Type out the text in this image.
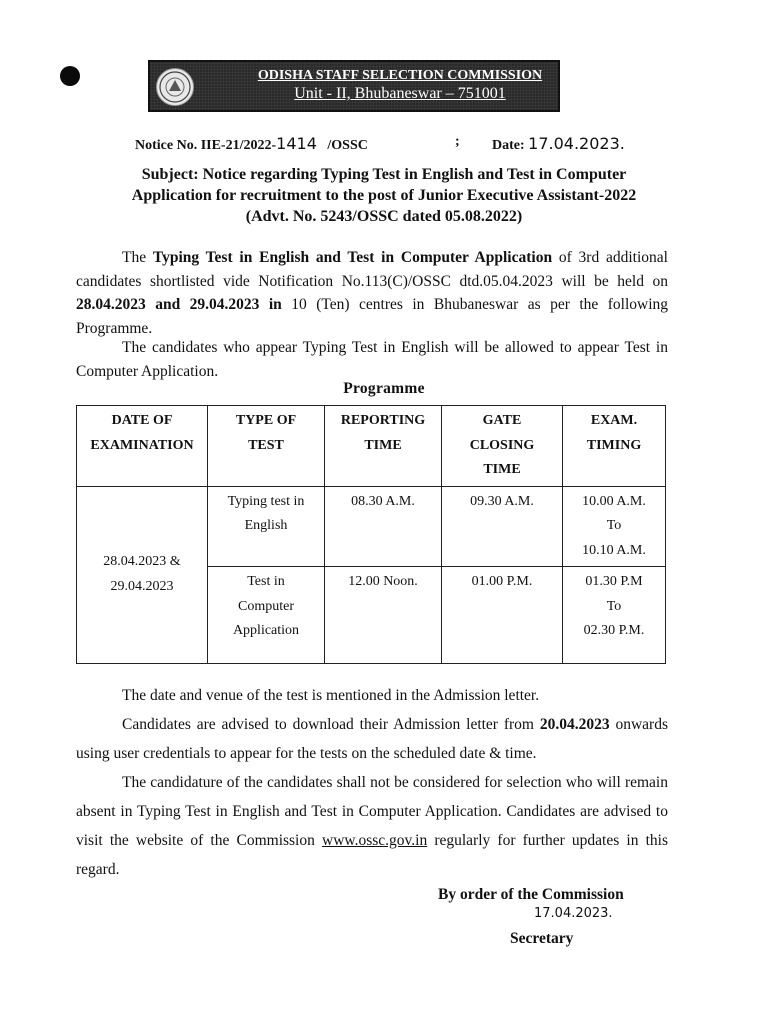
ODISHA STAFF SELECTION COMMISSION
Unit - II, Bhubaneswar – 751001
Notice No. IIE-21/2022-1414 /OSSC	; Date: 17.04.2023.
Subject: Notice regarding Typing Test in English and Test in Computer
Application for recruitment to the post of Junior Executive Assistant-2022
(Advt. No. 5243/OSSC dated 05.08.2022)

The Typing Test in English and Test in Computer Application of 3rd additional candidates shortlisted vide Notification No.113(C)/OSSC dtd.05.04.2023 will be held on 28.04.2023 and 29.04.2023 in 10 (Ten) centres in Bhubaneswar as per the following Programme.

The candidates who appear Typing Test in English will be allowed to appear Test in Computer Application.

Programme
DATE OF
EXAMINATION	TYPE OF
TEST	REPORTING
TIME	GATE
CLOSING
TIME	EXAM.
TIMING
28.04.2023 &
29.04.2023	Typing test in
English	08.30 A.M.	09.30 A.M.	10.00 A.M.
To
10.10 A.M.
	Test in
Computer
Application	12.00 Noon.	01.00 P.M.	01.30 P.M
To
02.30 P.M.

The date and venue of the test is mentioned in the Admission letter.

Candidates are advised to download their Admission letter from 20.04.2023 onwards using user credentials to appear for the tests on the scheduled date & time.

The candidature of the candidates shall not be considered for selection who will remain absent in Typing Test in English and Test in Computer Application. Candidates are advised to visit the website of the Commission www.ossc.gov.in regularly for further updates in this regard.

By order of the Commission
17.04.2023.
Secretary
